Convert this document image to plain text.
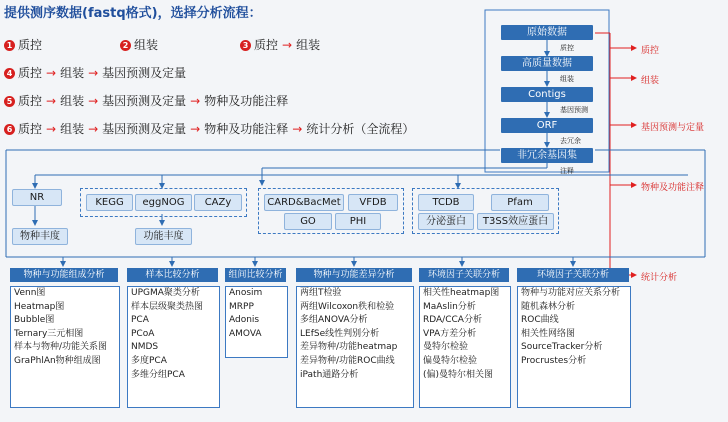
提供测序数据(fastq格式)，选择分析流程：
1 质控	2 组装	3 质控 → 组装
4 质控 → 组装 → 基因预测及定量
5 质控 → 组装 → 基因预测及定量 → 物种及功能注释
6 质控 → 组装 → 基因预测及定量 → 物种及功能注释 → 统计分析（全流程）
原始数据
质控
高质量数据
组装
Contigs
基因预测
ORF
去冗余
非冗余基因集
注释
质控
组装
基因预测与定量
物种及功能注释
统计分析
NR	KEGG	eggNOG	CAZy	CARD&BacMet	VFDB
GO	PHI
TCDB	Pfam
分泌蛋白	T3SS效应蛋白
物种丰度	功能丰度
物种与功能组成分析
Venn图
Heatmap图
Bubble图
Ternary三元相图
样本与物种/功能关系图
GraPhlAn物种组成图
样本比较分析
UPGMA聚类分析
样本层级聚类热图
PCA
PCoA
NMDS
多度PCA
多维分组PCA
组间比较分析
Anosim
MRPP
Adonis
AMOVA
物种与功能差异分析
两组T检验
两组Wilcoxon秩和检验
多组ANOVA分析
LEfSe线性判别分析
差异物种/功能heatmap
差异物种/功能ROC曲线
iPath通路分析
环境因子关联分析
相关性heatmap图
MaAslin分析
RDA/CCA分析
VPA方差分析
曼特尔检验
偏曼特尔检验
(偏)曼特尔相关图
环境因子关联分析
物种与功能对应关系分析
随机森林分析
ROC曲线
相关性网络图
SourceTracker分析
Procrustes分析
